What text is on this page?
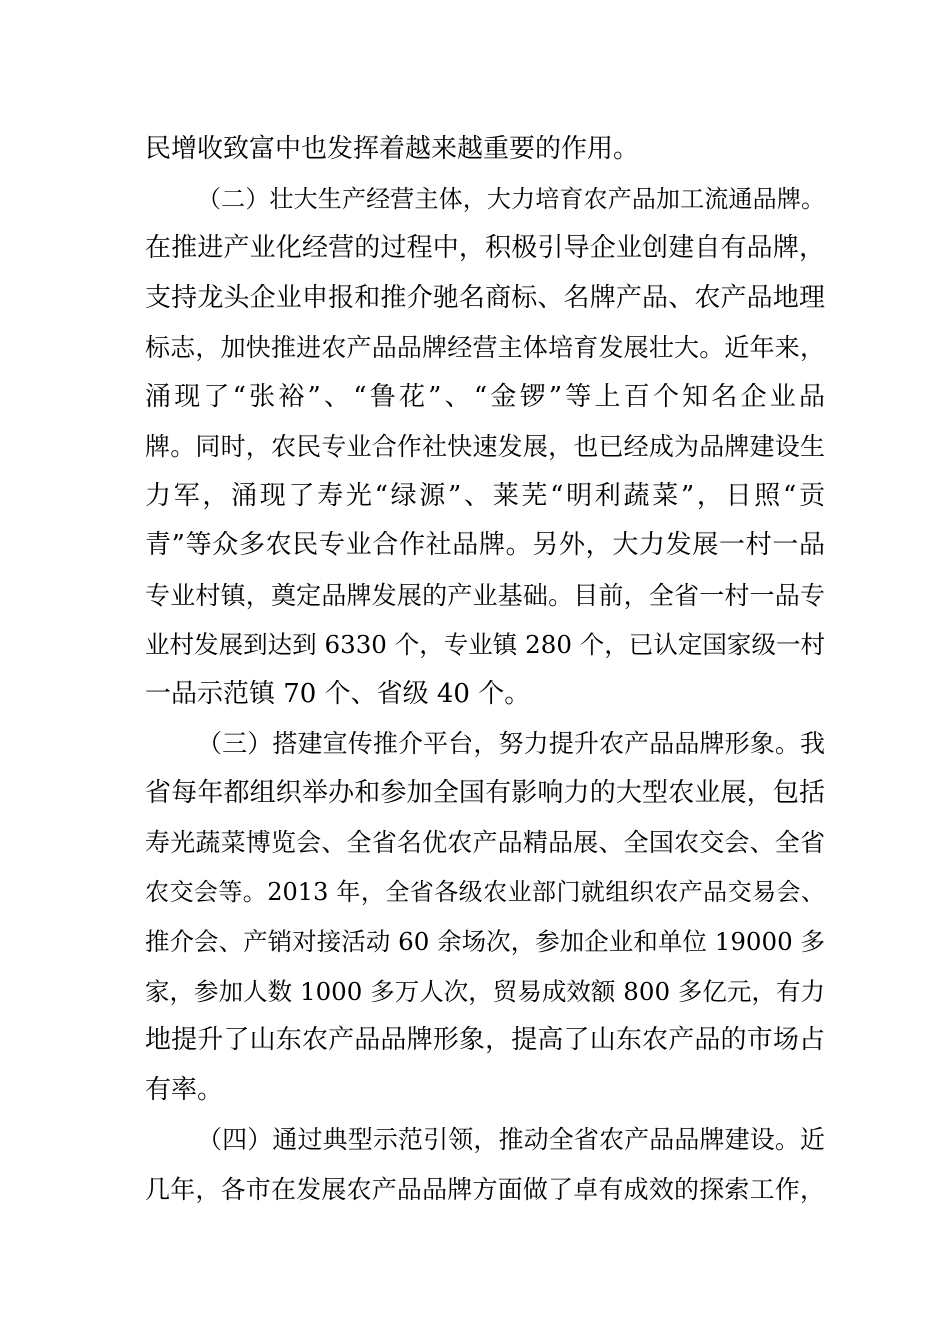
民增收致富中也发挥着越来越重要的作用。
（二）壮大生产经营主体，大力培育农产品加工流通品牌。
在推进产业化经营的过程中，积极引导企业创建自有品牌，
支持龙头企业申报和推介驰名商标、名牌产品、农产品地理
标志，加快推进农产品品牌经营主体培育发展壮大。近年来，
涌现了“张裕”、“鲁花”、“金锣”等上百个知名企业品
牌。同时，农民专业合作社快速发展，也已经成为品牌建设生
力军，涌现了寿光“绿源”、莱芜“明利蔬菜”，日照“贡
青”等众多农民专业合作社品牌。另外，大力发展一村一品
专业村镇，奠定品牌发展的产业基础。目前，全省一村一品专
业村发展到达到 6330 个，专业镇 280 个，已认定国家级一村
一品示范镇 70 个、省级 40 个。
（三）搭建宣传推介平台，努力提升农产品品牌形象。我
省每年都组织举办和参加全国有影响力的大型农业展，包括
寿光蔬菜博览会、全省名优农产品精品展、全国农交会、全省
农交会等。2013 年，全省各级农业部门就组织农产品交易会、
推介会、产销对接活动 60 余场次，参加企业和单位 19000 多
家，参加人数 1000 多万人次，贸易成效额 800 多亿元，有力
地提升了山东农产品品牌形象，提高了山东农产品的市场占
有率。
（四）通过典型示范引领，推动全省农产品品牌建设。近
几年，各市在发展农产品品牌方面做了卓有成效的探索工作，
